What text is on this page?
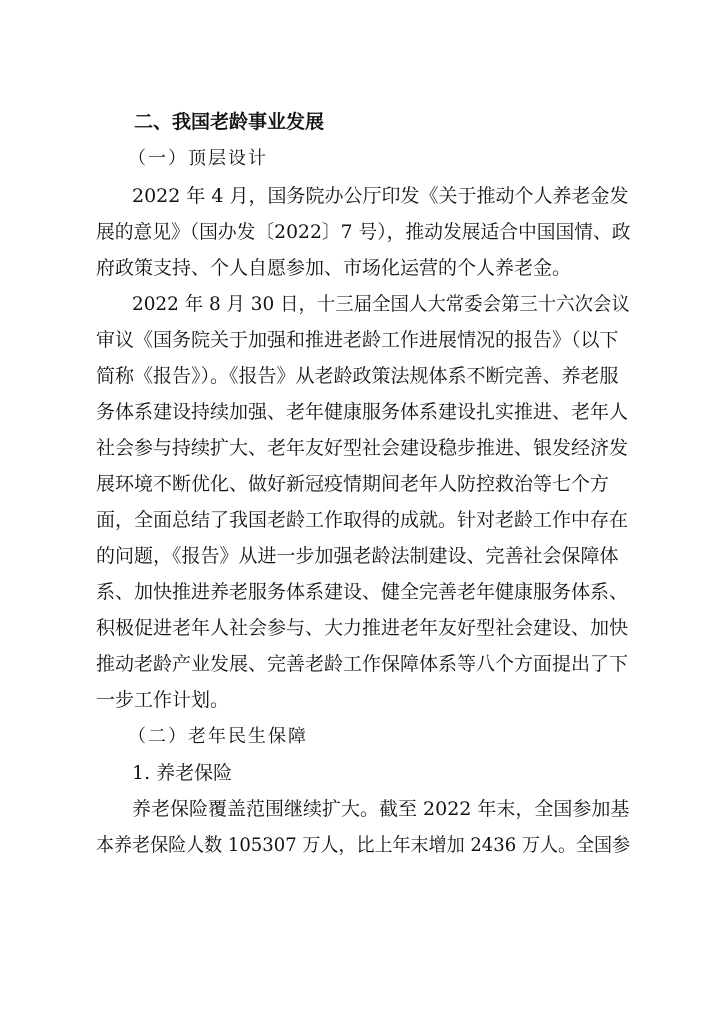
二、我国老龄事业发展

（一）顶层设计

2022 年 4 月，国务院办公厅印发《关于推动个人养老金发

展的意见》（国办发〔2022〕7 号），推动发展适合中国国情、政

府政策支持、个人自愿参加、市场化运营的个人养老金。

2022 年 8 月 30 日，十三届全国人大常委会第三十六次会议

审议《国务院关于加强和推进老龄工作进展情况的报告》（以下

简称《报告》）。《报告》从老龄政策法规体系不断完善、养老服

务体系建设持续加强、老年健康服务体系建设扎实推进、老年人

社会参与持续扩大、老年友好型社会建设稳步推进、银发经济发

展环境不断优化、做好新冠疫情期间老年人防控救治等七个方

面，全面总结了我国老龄工作取得的成就。针对老龄工作中存在

的问题，《报告》从进一步加强老龄法制建设、完善社会保障体

系、加快推进养老服务体系建设、健全完善老年健康服务体系、

积极促进老年人社会参与、大力推进老年友好型社会建设、加快

推动老龄产业发展、完善老龄工作保障体系等八个方面提出了下

一步工作计划。

（二）老年民生保障

1. 养老保险

养老保险覆盖范围继续扩大。截至 2022 年末，全国参加基

本养老保险人数 105307 万人，比上年末增加 2436 万人。全国参
